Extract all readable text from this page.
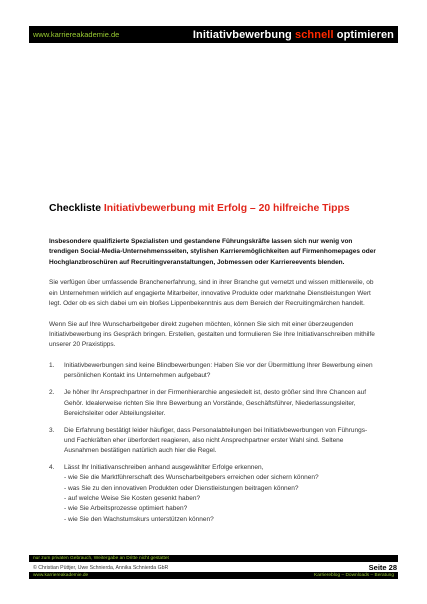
www.karriereakademie.de	Initiativbewerbung schnell optimieren
Checkliste Initiativbewerbung mit Erfolg – 20 hilfreiche Tipps

Insbesondere qualifizierte Spezialisten und gestandene Führungskräfte lassen sich nur wenig von trendigen Social-Media-Unternehmensseiten, stylishen Karrieremöglichkeiten auf Firmenhomepages oder Hochglanzbroschüren auf Recruitingveranstaltungen, Jobmessen oder Karriereevents blenden.

Sie verfügen über umfassende Branchenerfahrung, sind in ihrer Branche gut vernetzt und wissen mittlerweile, ob ein Unternehmen wirklich auf engagierte Mitarbeiter, innovative Produkte oder marktnahe Dienstleistungen Wert legt. Oder ob es sich dabei um ein bloßes Lippenbekenntnis aus dem Bereich der Recruitingmärchen handelt.

Wenn Sie auf Ihre Wunscharbeitgeber direkt zugehen möchten, können Sie sich mit einer überzeugenden Initiativbewerbung ins Gespräch bringen. Erstellen, gestalten und formulieren Sie Ihre Initiativanschreiben mithilfe unserer 20 Praxistipps.

1. Initiativbewerbungen sind keine Blindbewerbungen: Haben Sie vor der Übermittlung Ihrer Bewerbung einen persönlichen Kontakt ins Unternehmen aufgebaut?
2. Je höher Ihr Ansprechpartner in der Firmenhierarchie angesiedelt ist, desto größer sind Ihre Chancen auf Gehör. Idealerweise richten Sie Ihre Bewerbung an Vorstände, Geschäftsführer, Niederlassungsleiter, Bereichsleiter oder Abteilungsleiter.
3. Die Erfahrung bestätigt leider häufiger, dass Personalabteilungen bei Initiativbewerbungen von Führungs- und Fachkräften eher überfordert reagieren, also nicht Ansprechpartner erster Wahl sind. Seltene Ausnahmen bestätigen natürlich auch hier die Regel.
4. Lässt Ihr Initiativanschreiben anhand ausgewählter Erfolge erkennen,
- wie Sie die Marktführerschaft des Wunscharbeitgebers erreichen oder sichern können?
- was Sie zu den innovativen Produkten oder Dienstleistungen beitragen können?
- auf welche Weise Sie Kosten gesenkt haben?
- wie Sie Arbeitsprozesse optimiert haben?
- wie Sie den Wachstumskurs unterstützen können?
nur zum privaten Gebrauch, Weitergabe an Dritte nicht gestattet
© Christian Püttjer, Uwe Schnierda, Annika Schnierda GbR	Seite 28
www.karriereakademie.de	Karriereblog – Downloads – Beratung
